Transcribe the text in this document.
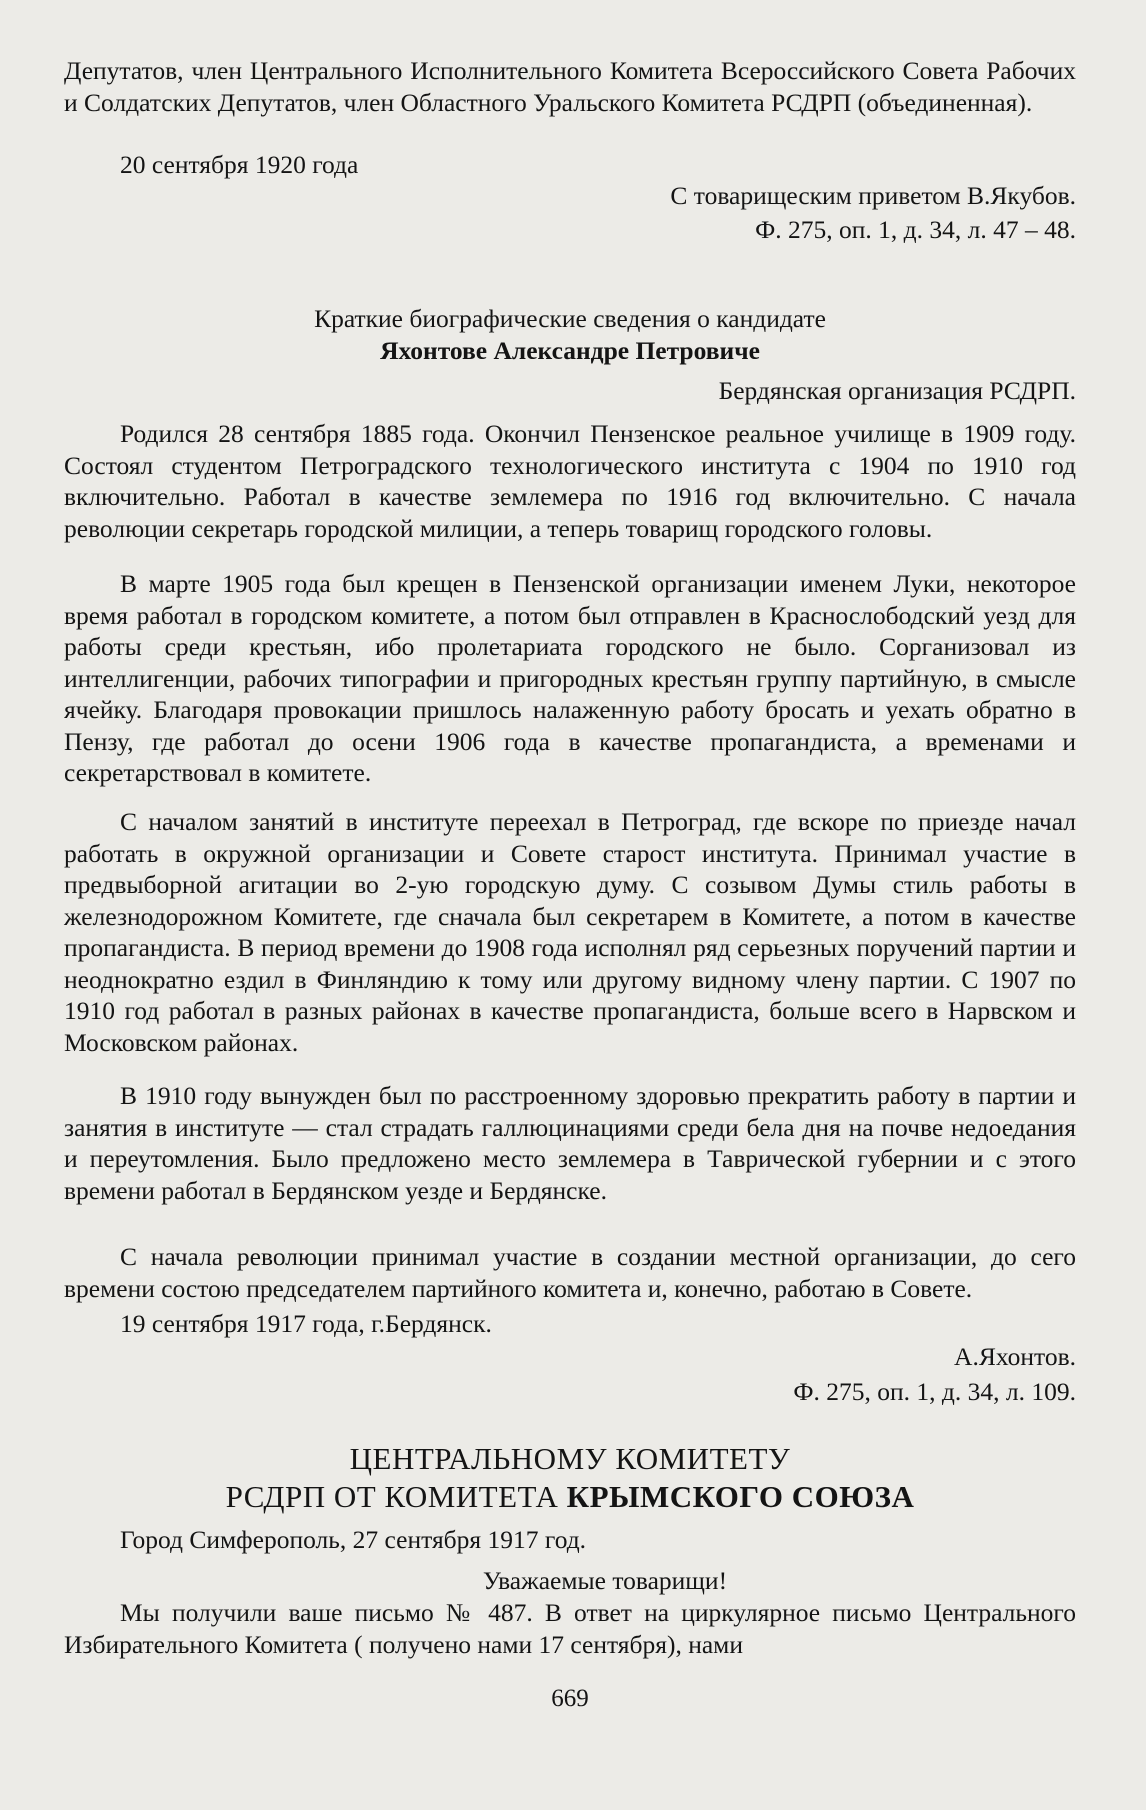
Депутатов, член Центрального Исполнительного Комитета Всероссийского Совета Рабочих и Солдатских Депутатов, член Областного Уральского Комитета РСДРП (объединенная).

20 сентября 1920 года

С товарищеским приветом В.Якубов.

Ф. 275, оп. 1, д. 34, л. 47 – 48.

Краткие биографические сведения о кандидате

Яхонтове Александре Петровиче

Бердянская организация РСДРП.

Родился 28 сентября 1885 года. Окончил Пензенское реальное училище в 1909 году. Состоял студентом Петроградского технологического института с 1904 по 1910 год включительно. Работал в качестве землемера по 1916 год включительно. С начала революции секретарь городской милиции, а теперь товарищ городского головы.

В марте 1905 года был крещен в Пензенской организации именем Луки, некоторое время работал в городском комитете, а потом был отправлен в Краснослободский уезд для работы среди крестьян, ибо пролетариата городского не было. Сорганизовал из интеллигенции, рабочих типографии и пригородных крестьян группу партийную, в смысле ячейку. Благодаря провокации пришлось налаженную работу бросать и уехать обратно в Пензу, где работал до осени 1906 года в качестве пропагандиста, а временами и секретарствовал в комитете.

С началом занятий в институте переехал в Петроград, где вскоре по приезде начал работать в окружной организации и Совете старост института. Принимал участие в предвыборной агитации во 2-ую городскую думу. С созывом Думы стиль работы в железнодорожном Комитете, где сначала был секретарем в Комитете, а потом в качестве пропагандиста. В период времени до 1908 года исполнял ряд серьезных поручений партии и неоднократно ездил в Финляндию к тому или другому видному члену партии. С 1907 по 1910 год работал в разных районах в качестве пропагандиста, больше всего в Нарвском и Московском районах.

В 1910 году вынужден был по расстроенному здоровью прекратить работу в партии и занятия в институте — стал страдать галлюцинациями среди бела дня на почве недоедания и переутомления. Было предложено место землемера в Таврической губернии и с этого времени работал в Бердянском уезде и Бердянске.

С начала революции принимал участие в создании местной организации, до сего времени состою председателем партийного комитета и, конечно, работаю в Совете.

19 сентября 1917 года, г.Бердянск.

А.Яхонтов.

Ф. 275, оп. 1, д. 34, л. 109.

ЦЕНТРАЛЬНОМУ КОМИТЕТУ

РСДРП ОТ КОМИТЕТА КРЫМСКОГО СОЮЗА

Город Симферополь, 27 сентября 1917 год.

Уважаемые товарищи!

Мы получили ваше письмо № 487. В ответ на циркулярное письмо Центрального Избирательного Комитета ( получено нами 17 сентября), нами

669
